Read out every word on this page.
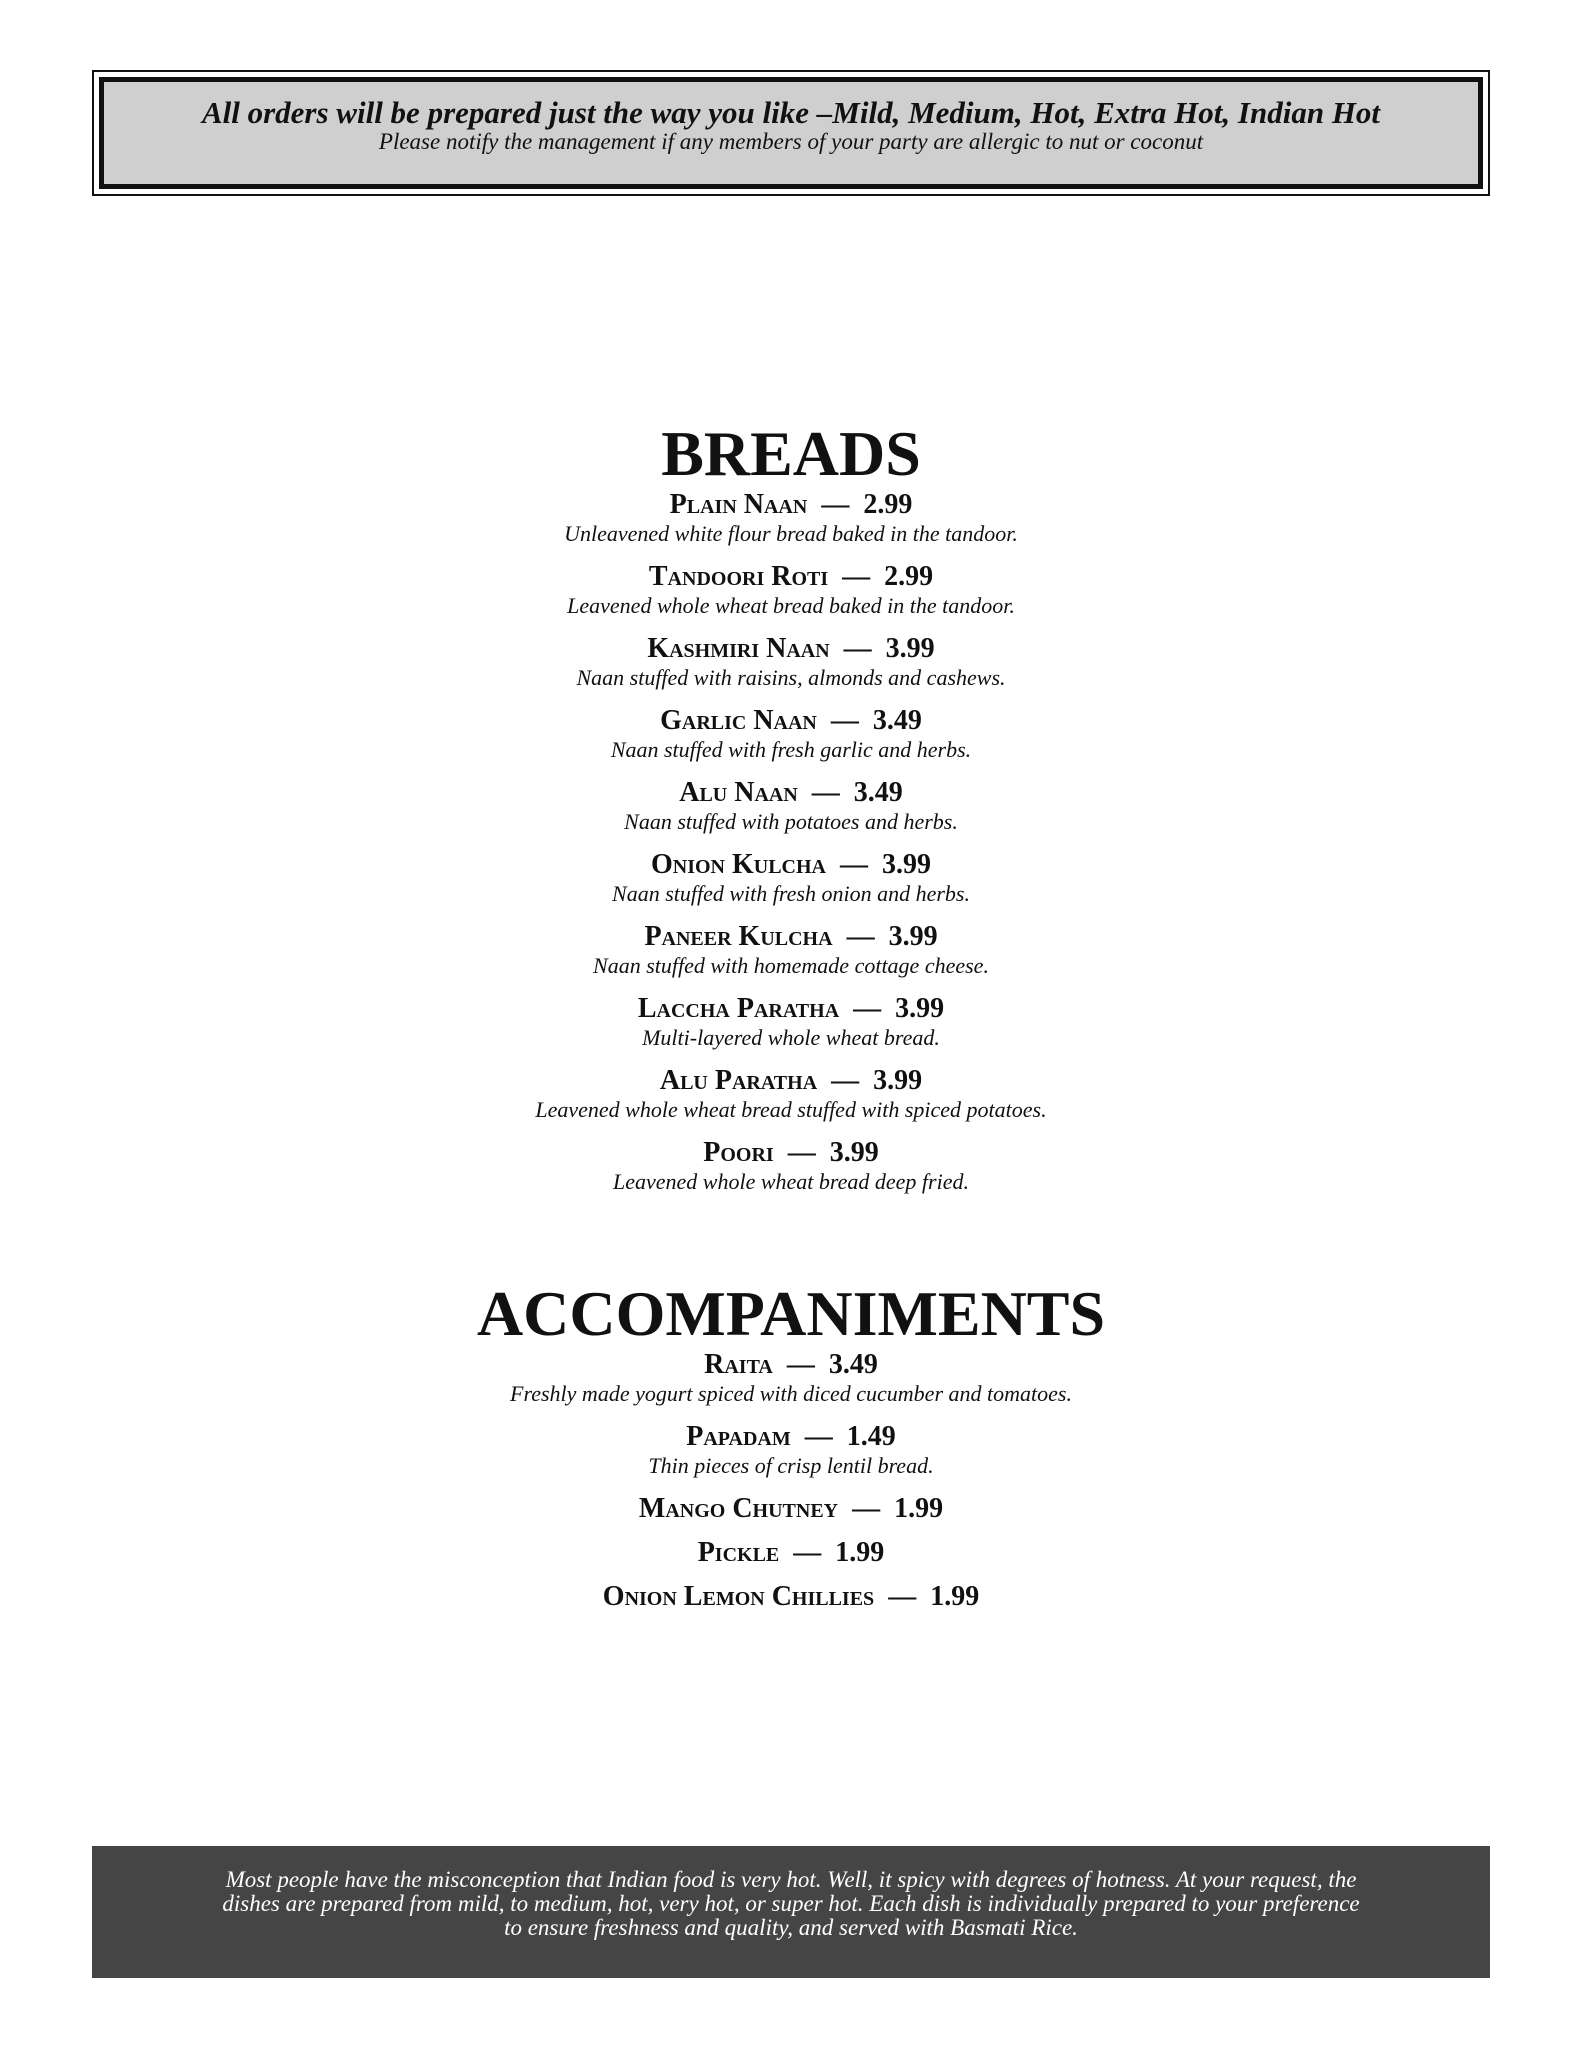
All orders will be prepared just the way you like –Mild, Medium, Hot, Extra Hot, Indian Hot
Please notify the management if any members of your party are allergic to nut or coconut
BREADS
Plain Naan — 2.99
Unleavened white flour bread baked in the tandoor.
Tandoori Roti — 2.99
Leavened whole wheat bread baked in the tandoor.
Kashmiri Naan — 3.99
Naan stuffed with raisins, almonds and cashews.
Garlic Naan — 3.49
Naan stuffed with fresh garlic and herbs.
Alu Naan — 3.49
Naan stuffed with potatoes and herbs.
Onion Kulcha — 3.99
Naan stuffed with fresh onion and herbs.
Paneer Kulcha — 3.99
Naan stuffed with homemade cottage cheese.
Laccha Paratha — 3.99
Multi-layered whole wheat bread.
Alu Paratha — 3.99
Leavened whole wheat bread stuffed with spiced potatoes.
Poori — 3.99
Leavened whole wheat bread deep fried.
ACCOMPANIMENTS
Raita — 3.49
Freshly made yogurt spiced with diced cucumber and tomatoes.
Papadam — 1.49
Thin pieces of crisp lentil bread.
Mango Chutney — 1.99
Pickle — 1.99
Onion Lemon Chillies — 1.99
Most people have the misconception that Indian food is very hot. Well, it spicy with degrees of hotness. At your request, the dishes are prepared from mild, to medium, hot, very hot, or super hot. Each dish is individually prepared to your preference to ensure freshness and quality, and served with Basmati Rice.
